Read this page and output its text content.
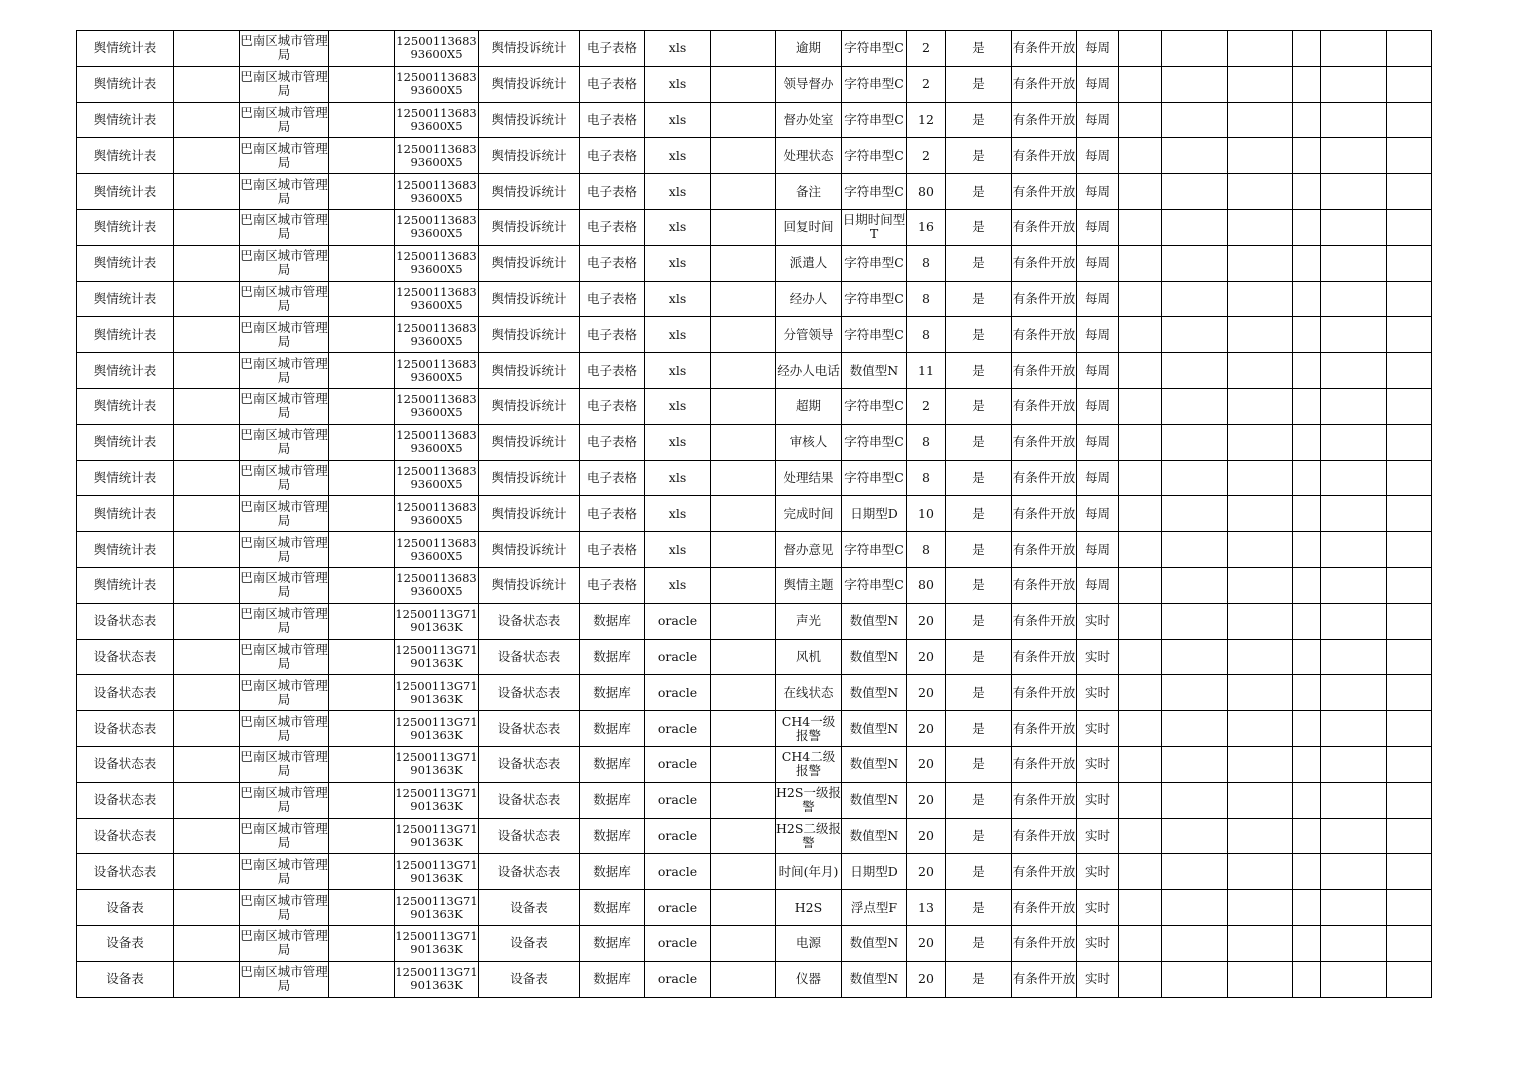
舆情统计表		巴南区城市管理局		1250011368393600X5	舆情投诉统计	电子表格	xls		逾期	字符串型C	2	是	有条件开放	每周						
舆情统计表		巴南区城市管理局		1250011368393600X5	舆情投诉统计	电子表格	xls		领导督办	字符串型C	2	是	有条件开放	每周						
舆情统计表		巴南区城市管理局		1250011368393600X5	舆情投诉统计	电子表格	xls		督办处室	字符串型C	12	是	有条件开放	每周						
舆情统计表		巴南区城市管理局		1250011368393600X5	舆情投诉统计	电子表格	xls		处理状态	字符串型C	2	是	有条件开放	每周						
舆情统计表		巴南区城市管理局		1250011368393600X5	舆情投诉统计	电子表格	xls		备注	字符串型C	80	是	有条件开放	每周						
舆情统计表		巴南区城市管理局		1250011368393600X5	舆情投诉统计	电子表格	xls		回复时间	日期时间型T	16	是	有条件开放	每周						
舆情统计表		巴南区城市管理局		1250011368393600X5	舆情投诉统计	电子表格	xls		派遣人	字符串型C	8	是	有条件开放	每周						
舆情统计表		巴南区城市管理局		1250011368393600X5	舆情投诉统计	电子表格	xls		经办人	字符串型C	8	是	有条件开放	每周						
舆情统计表		巴南区城市管理局		1250011368393600X5	舆情投诉统计	电子表格	xls		分管领导	字符串型C	8	是	有条件开放	每周						
舆情统计表		巴南区城市管理局		1250011368393600X5	舆情投诉统计	电子表格	xls		经办人电话	数值型N	11	是	有条件开放	每周						
舆情统计表		巴南区城市管理局		1250011368393600X5	舆情投诉统计	电子表格	xls		超期	字符串型C	2	是	有条件开放	每周						
舆情统计表		巴南区城市管理局		1250011368393600X5	舆情投诉统计	电子表格	xls		审核人	字符串型C	8	是	有条件开放	每周						
舆情统计表		巴南区城市管理局		1250011368393600X5	舆情投诉统计	电子表格	xls		处理结果	字符串型C	8	是	有条件开放	每周						
舆情统计表		巴南区城市管理局		1250011368393600X5	舆情投诉统计	电子表格	xls		完成时间	日期型D	10	是	有条件开放	每周						
舆情统计表		巴南区城市管理局		1250011368393600X5	舆情投诉统计	电子表格	xls		督办意见	字符串型C	8	是	有条件开放	每周						
舆情统计表		巴南区城市管理局		1250011368393600X5	舆情投诉统计	电子表格	xls		舆情主题	字符串型C	80	是	有条件开放	每周						
设备状态表		巴南区城市管理局		12500113G71901363K	设备状态表	数据库	oracle		声光	数值型N	20	是	有条件开放	实时						
设备状态表		巴南区城市管理局		12500113G71901363K	设备状态表	数据库	oracle		风机	数值型N	20	是	有条件开放	实时						
设备状态表		巴南区城市管理局		12500113G71901363K	设备状态表	数据库	oracle		在线状态	数值型N	20	是	有条件开放	实时						
设备状态表		巴南区城市管理局		12500113G71901363K	设备状态表	数据库	oracle		CH4一级报警	数值型N	20	是	有条件开放	实时						
设备状态表		巴南区城市管理局		12500113G71901363K	设备状态表	数据库	oracle		CH4二级报警	数值型N	20	是	有条件开放	实时						
设备状态表		巴南区城市管理局		12500113G71901363K	设备状态表	数据库	oracle		H2S一级报警	数值型N	20	是	有条件开放	实时						
设备状态表		巴南区城市管理局		12500113G71901363K	设备状态表	数据库	oracle		H2S二级报警	数值型N	20	是	有条件开放	实时						
设备状态表		巴南区城市管理局		12500113G71901363K	设备状态表	数据库	oracle		时间(年月)	日期型D	20	是	有条件开放	实时						
设备表		巴南区城市管理局		12500113G71901363K	设备表	数据库	oracle		H2S	浮点型F	13	是	有条件开放	实时						
设备表		巴南区城市管理局		12500113G71901363K	设备表	数据库	oracle		电源	数值型N	20	是	有条件开放	实时						
设备表		巴南区城市管理局		12500113G71901363K	设备表	数据库	oracle		仪器	数值型N	20	是	有条件开放	实时						
